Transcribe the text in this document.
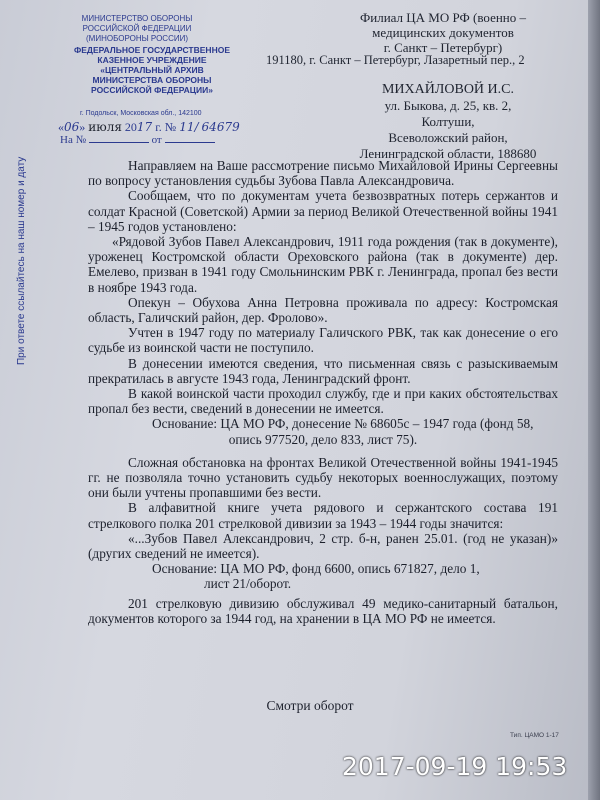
МИНИСТЕРСТВО ОБОРОНЫ
РОССИЙСКОЙ ФЕДЕРАЦИИ
(МИНОБОРОНЫ РОССИИ)
ФЕДЕРАЛЬНОЕ ГОСУДАРСТВЕННОЕ
КАЗЕННОЕ УЧРЕЖДЕНИЕ
«ЦЕНТРАЛЬНЫЙ АРХИВ
МИНИСТЕРСТВА ОБОРОНЫ
РОССИЙСКОЙ ФЕДЕРАЦИИ»
г. Подольск, Московская обл., 142100
«06» июля 2017 г. № 11/ 64679
На №	от
При ответе ссылайтесь на наш номер и дату
Филиал ЦА МО РФ (военно –
медицинских документов
г. Санкт – Петербург)
191180, г. Санкт – Петербург, Лазаретный пер., 2
МИХАЙЛОВОЙ И.С.
ул. Быкова, д. 25, кв. 2,
Колтуши,
Всеволожский район,
Ленинградской области, 188680

Направляем на Ваше рассмотрение письмо Михайловой Ирины Сергеевны по вопросу установления судьбы Зубова Павла Александровича.

Сообщаем, что по документам учета безвозвратных потерь сержантов и солдат Красной (Советской) Армии за период Великой Отечественной войны 1941 – 1945 годов установлено:

«Рядовой Зубов Павел Александрович, 1911 года рождения (так в документе), уроженец Костромской области Ореховского района (так в документе) дер. Емелево, призван в 1941 году Смольнинским РВК г. Ленинграда, пропал без вести в ноябре 1943 года.

Опекун – Обухова Анна Петровна проживала по адресу: Костромская область, Галичский район, дер. Фролово».

Учтен в 1947 году по материалу Галичского РВК, так как донесение о его судьбе из воинской части не поступило.

В донесении имеются сведения, что письменная связь с разыскиваемым прекратилась в августе 1943 года, Ленинградский фронт.

В какой воинской части проходил службу, где и при каких обстоятельствах пропал без вести, сведений в донесении не имеется.

Основание: ЦА МО РФ, донесение № 68605с – 1947 года (фонд 58,

опись 977520, дело 833, лист 75).

Сложная обстановка на фронтах Великой Отечественной войны 1941-1945 гг. не позволяла точно установить судьбу некоторых военнослужащих, поэтому они были учтены пропавшими без вести.

В алфавитной книге учета рядового и сержантского состава 191 стрелкового полка 201 стрелковой дивизии за 1943 – 1944 годы значится:

«...Зубов Павел Александрович, 2 стр. б-н, ранен 25.01. (год не указан)» (других сведений не имеется).

Основание: ЦА МО РФ, фонд 6600, опись 671827, дело 1,

лист 21/оборот.

201 стрелковую дивизию обслуживал 49 медико-санитарный батальон, документов которого за 1944 год, на хранении в ЦА МО РФ не имеется.

Смотри оборот
Тип. ЦАМО 1-17
2017-09-19 19:53
